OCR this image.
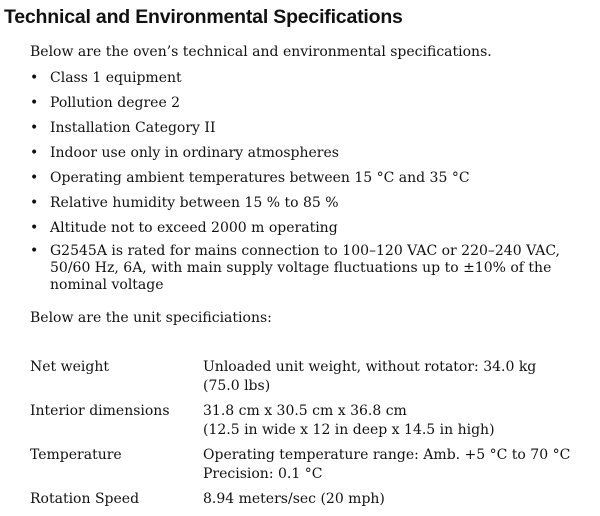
Technical and Environmental Specifications
Below are the oven’s technical and environmental specifications.
• Class 1 equipment
• Pollution degree 2
• Installation Category II
• Indoor use only in ordinary atmospheres
• Operating ambient temperatures between 15 °C and 35 °C
• Relative humidity between 15 % to 85 %
• Altitude not to exceed 2000 m operating
• G2545A is rated for mains connection to 100–120 VAC or 220–240 VAC, 50/60 Hz, 6A, with main supply voltage fluctuations up to ±10% of the nominal voltage
Below are the unit specificiations:
Net weight	Unloaded unit weight, without rotator: 34.0 kg
(75.0 lbs)

Interior dimensions	31.8 cm x 30.5 cm x 36.8 cm
(12.5 in wide x 12 in deep x 14.5 in high)

Temperature	Operating temperature range: Amb. +5 °C to 70 °C
Precision: 0.1 °C

Rotation Speed	8.94 meters/sec (20 mph)
